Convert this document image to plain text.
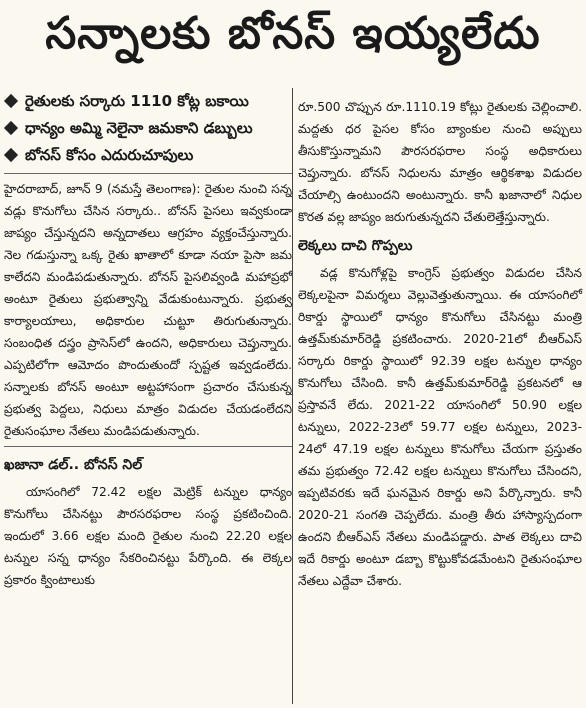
సన్నాలకు బోనస్ ఇయ్యలేదు
రైతులకు సర్కారు 1110 కోట్ల బకాయి
ధాన్యం అమ్మి నెలైనా జమకాని డబ్బులు
బోనస్ కోసం ఎదురుచూపులు

హైదరాబాద్, జూన్ 9 (నమస్తే తెలంగాణ): రైతుల నుంచి సన్న వడ్లు కొనుగోలు చేసిన సర్కారు.. బోనస్ పైసలు ఇవ్వకుండా జాప్యం చేస్తున్నదని అన్నదాతలు ఆగ్రహం వ్యక్తంచేస్తున్నారు. నెల గడుస్తున్నా ఒక్క రైతు ఖాతాలో కూడా నయా పైసా జమ కాలేదని మండిపడుతున్నారు. బోనస్ పైసలివ్వండి మహాప్రభో అంటూ రైతులు ప్రభుత్వాన్ని వేడుకుంటున్నారు. ప్రభుత్వ కార్యాలయాలు, అధికారుల చుట్టూ తిరుగుతున్నారు. సంబంధిత దస్త్రం ప్రాసెస్‌లో ఉందని, అధికారులు చెప్తున్నారు. ఎప్పటిలోగా ఆమోదం పొందుతుందో స్పష్టత ఇవ్వడంలేదు. సన్నాలకు బోనస్ అంటూ అట్టహాసంగా ప్రచారం చేసుకున్న ప్రభుత్వ పెద్దలు, నిధులు మాత్రం విడుదల చేయడంలేదని రైతుసంఘాల నేతలు మండిపడుతున్నారు.

ఖజానా డల్.. బోనస్ నిల్

యాసంగిలో 72.42 లక్షల మెట్రిక్ టన్నుల ధాన్యం కొనుగోలు చేసినట్టు పౌరసరఫరాల సంస్థ ప్రకటించింది. ఇందులో 3.66 లక్షల మంది రైతుల నుంచి 22.20 లక్షల టన్నుల సన్న ధాన్యం సేకరించినట్టు పేర్కొంది. ఈ లెక్కల ప్రకారం క్వింటాలుకు

రూ.500 చొప్పున రూ.1110.19 కోట్లు రైతులకు చెల్లించాలి. మద్దతు ధర పైసల కోసం బ్యాంకుల నుంచి అప్పులు తీసుకొస్తున్నామని పౌరసరఫరాల సంస్థ అధికారులు చెప్తున్నారు. బోనస్ నిధులను మాత్రం ఆర్థికశాఖ విడుదల చేయాల్సి ఉంటుందని అంటున్నారు. కానీ ఖజానాలో నిధుల కొరత వల్ల జాప్యం జరుగుతున్నదని చేతులెత్తేస్తున్నారు.

లెక్కలు దాచి గొప్పలు

వడ్ల కొనుగోళ్లపై కాంగ్రెస్ ప్రభుత్వం విడుదల చేసిన లెక్కలపైనా విమర్శలు వెల్లువెత్తుతున్నాయి. ఈ యాసంగిలో రికార్డు స్థాయిలో ధాన్యం కొనుగోలు చేసినట్టు మంత్రి ఉత్తమ్‌కుమార్‌రెడ్డి ప్రకటించారు. 2020-21లో బీఆర్‌ఎస్ సర్కారు రికార్డు స్థాయిలో 92.39 లక్షల టన్నుల ధాన్యం కొనుగోలు చేసింది. కానీ ఉత్తమ్‌కుమార్‌రెడ్డి ప్రకటనలో ఆ ప్రస్తావనే లేదు. 2021-22 యాసంగిలో 50.90 లక్షల టన్నులు, 2022-23లో 59.77 లక్షల టన్నులు, 2023-24లో 47.19 లక్షల టన్నులు కొనుగోలు చేయగా ప్రస్తుతం తమ ప్రభుత్వం 72.42 లక్షల టన్నులు కొనుగోలు చేసిందని, ఇప్పటివరకు ఇదే ఘనమైన రికార్డు అని పేర్కొన్నారు. కానీ 2020-21 సంగతి చెప్పలేదు. మంత్రి తీరు హాస్యాస్పదంగా ఉందని బీఆర్‌ఎస్ నేతలు మండిపడ్డారు. పాత లెక్కలు దాచి ఇదే రికార్డు అంటూ డబ్బా కొట్టుకోవడమేంటని రైతుసంఘాల నేతలు ఎద్దేవా చేశారు.
